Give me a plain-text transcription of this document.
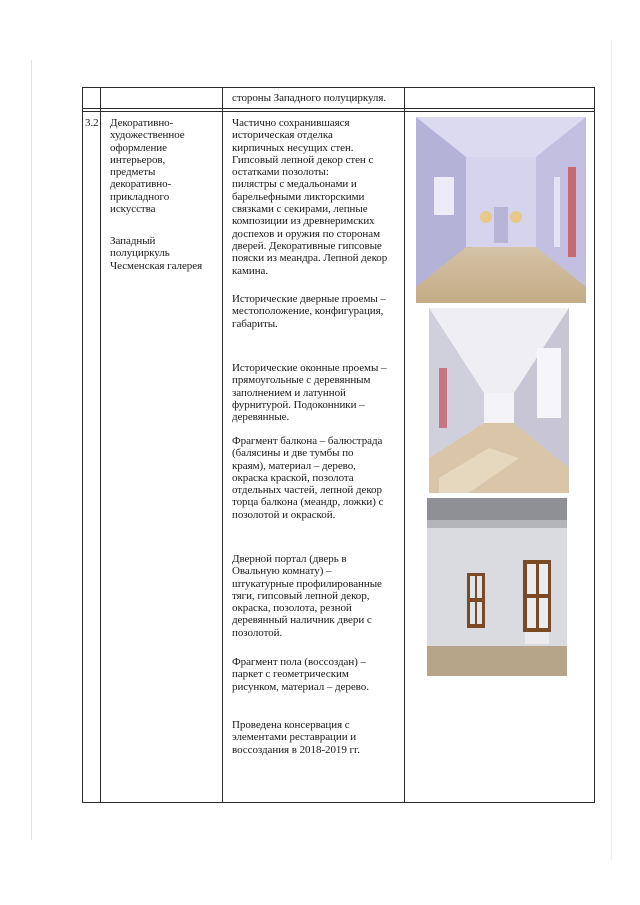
стороны Западного полуциркуля.
3.2 Декоративно-
художественное
оформление
интерьеров,
предметы
декоративно-
прикладного
искусства
Западный
полуциркуль
Чесменская галерея
Частично сохранившаяся
историческая отделка
кирпичных несущих стен.
Гипсовый лепной декор стен с
остатками позолоты:
пилястры с медальонами и
барельефными ликторскими
связками с секирами, лепные
композиции из древнеримских
доспехов и оружия по сторонам
дверей. Декоративные гипсовые
пояски из меандра. Лепной декор
камина.
Исторические дверные проемы –
местоположение, конфигурация,
габариты.
Исторические оконные проемы –
прямоугольные с деревянным
заполнением и латунной
фурнитурой. Подоконники –
деревянные.
Фрагмент балкона – балюстрада
(балясины и две тумбы по
краям), материал – дерево,
окраска краской, позолота
отдельных частей, лепной декор
торца балкона (меандр, ложки) с
позолотой и окраской.
Дверной портал (дверь в
Овальную комнату) –
штукатурные профилированные
тяги, гипсовый лепной декор,
окраска, позолота, резной
деревянный наличник двери с
позолотой.
Фрагмент пола (воссоздан) –
паркет с геометрическим
рисунком, материал – дерево.
Проведена консервация с
элементами реставрации и
воссоздания в 2018-2019 гг.
